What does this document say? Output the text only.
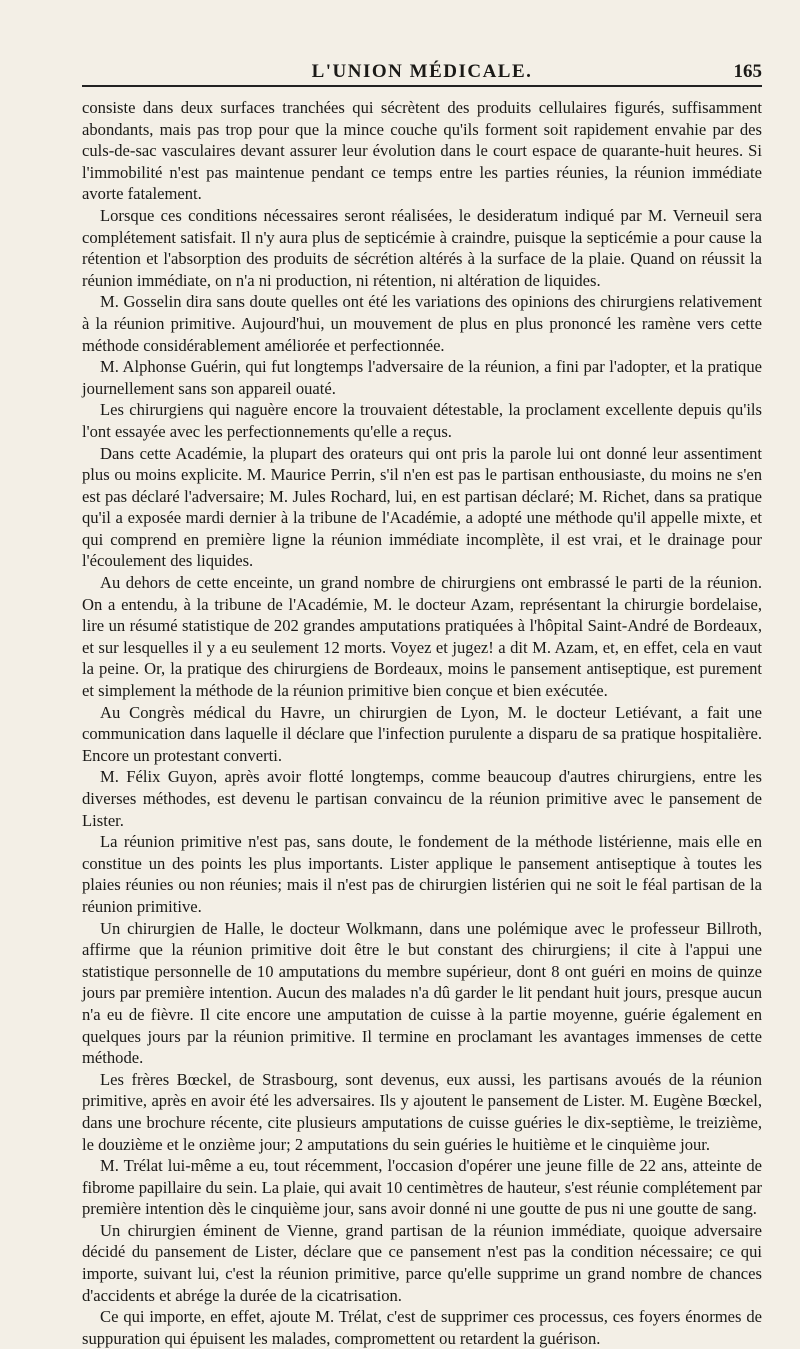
L'UNION MÉDICALE.	165

consiste dans deux surfaces tranchées qui sécrètent des produits cellulaires figurés, suffisamment abondants, mais pas trop pour que la mince couche qu'ils forment soit rapidement envahie par des culs-de-sac vasculaires devant assurer leur évolution dans le court espace de quarante-huit heures. Si l'immobilité n'est pas maintenue pendant ce temps entre les parties réunies, la réunion immédiate avorte fatalement.

Lorsque ces conditions nécessaires seront réalisées, le desideratum indiqué par M. Verneuil sera complétement satisfait. Il n'y aura plus de septicémie à craindre, puisque la septicémie a pour cause la rétention et l'absorption des produits de sécrétion altérés à la surface de la plaie. Quand on réussit la réunion immédiate, on n'a ni production, ni rétention, ni altération de liquides.

M. Gosselin dira sans doute quelles ont été les variations des opinions des chirurgiens relativement à la réunion primitive. Aujourd'hui, un mouvement de plus en plus prononcé les ramène vers cette méthode considérablement améliorée et perfectionnée.

M. Alphonse Guérin, qui fut longtemps l'adversaire de la réunion, a fini par l'adopter, et la pratique journellement sans son appareil ouaté.

Les chirurgiens qui naguère encore la trouvaient détestable, la proclament excellente depuis qu'ils l'ont essayée avec les perfectionnements qu'elle a reçus.

Dans cette Académie, la plupart des orateurs qui ont pris la parole lui ont donné leur assentiment plus ou moins explicite. M. Maurice Perrin, s'il n'en est pas le partisan enthousiaste, du moins ne s'en est pas déclaré l'adversaire; M. Jules Rochard, lui, en est partisan déclaré; M. Richet, dans sa pratique qu'il a exposée mardi dernier à la tribune de l'Académie, a adopté une méthode qu'il appelle mixte, et qui comprend en première ligne la réunion immédiate incomplète, il est vrai, et le drainage pour l'écoulement des liquides.

Au dehors de cette enceinte, un grand nombre de chirurgiens ont embrassé le parti de la réunion. On a entendu, à la tribune de l'Académie, M. le docteur Azam, représentant la chirurgie bordelaise, lire un résumé statistique de 202 grandes amputations pratiquées à l'hôpital Saint-André de Bordeaux, et sur lesquelles il y a eu seulement 12 morts. Voyez et jugez! a dit M. Azam, et, en effet, cela en vaut la peine. Or, la pratique des chirurgiens de Bordeaux, moins le pansement antiseptique, est purement et simplement la méthode de la réunion primitive bien conçue et bien exécutée.

Au Congrès médical du Havre, un chirurgien de Lyon, M. le docteur Letiévant, a fait une communication dans laquelle il déclare que l'infection purulente a disparu de sa pratique hospitalière. Encore un protestant converti.

M. Félix Guyon, après avoir flotté longtemps, comme beaucoup d'autres chirurgiens, entre les diverses méthodes, est devenu le partisan convaincu de la réunion primitive avec le pansement de Lister.

La réunion primitive n'est pas, sans doute, le fondement de la méthode listérienne, mais elle en constitue un des points les plus importants. Lister applique le pansement antiseptique à toutes les plaies réunies ou non réunies; mais il n'est pas de chirurgien listérien qui ne soit le féal partisan de la réunion primitive.

Un chirurgien de Halle, le docteur Wolkmann, dans une polémique avec le professeur Billroth, affirme que la réunion primitive doit être le but constant des chirurgiens; il cite à l'appui une statistique personnelle de 10 amputations du membre supérieur, dont 8 ont guéri en moins de quinze jours par première intention. Aucun des malades n'a dû garder le lit pendant huit jours, presque aucun n'a eu de fièvre. Il cite encore une amputation de cuisse à la partie moyenne, guérie également en quelques jours par la réunion primitive. Il termine en proclamant les avantages immenses de cette méthode.

Les frères Bœckel, de Strasbourg, sont devenus, eux aussi, les partisans avoués de la réunion primitive, après en avoir été les adversaires. Ils y ajoutent le pansement de Lister. M. Eugène Bœckel, dans une brochure récente, cite plusieurs amputations de cuisse guéries le dix-septième, le treizième, le douzième et le onzième jour; 2 amputations du sein guéries le huitième et le cinquième jour.

M. Trélat lui-même a eu, tout récemment, l'occasion d'opérer une jeune fille de 22 ans, atteinte de fibrome papillaire du sein. La plaie, qui avait 10 centimètres de hauteur, s'est réunie complétement par première intention dès le cinquième jour, sans avoir donné ni une goutte de pus ni une goutte de sang.

Un chirurgien éminent de Vienne, grand partisan de la réunion immédiate, quoique adversaire décidé du pansement de Lister, déclare que ce pansement n'est pas la condition nécessaire; ce qui importe, suivant lui, c'est la réunion primitive, parce qu'elle supprime un grand nombre de chances d'accidents et abrége la durée de la cicatrisation.

Ce qui importe, en effet, ajoute M. Trélat, c'est de supprimer ces processus, ces foyers énormes de suppuration qui épuisent les malades, compromettent ou retardent la guérison.
